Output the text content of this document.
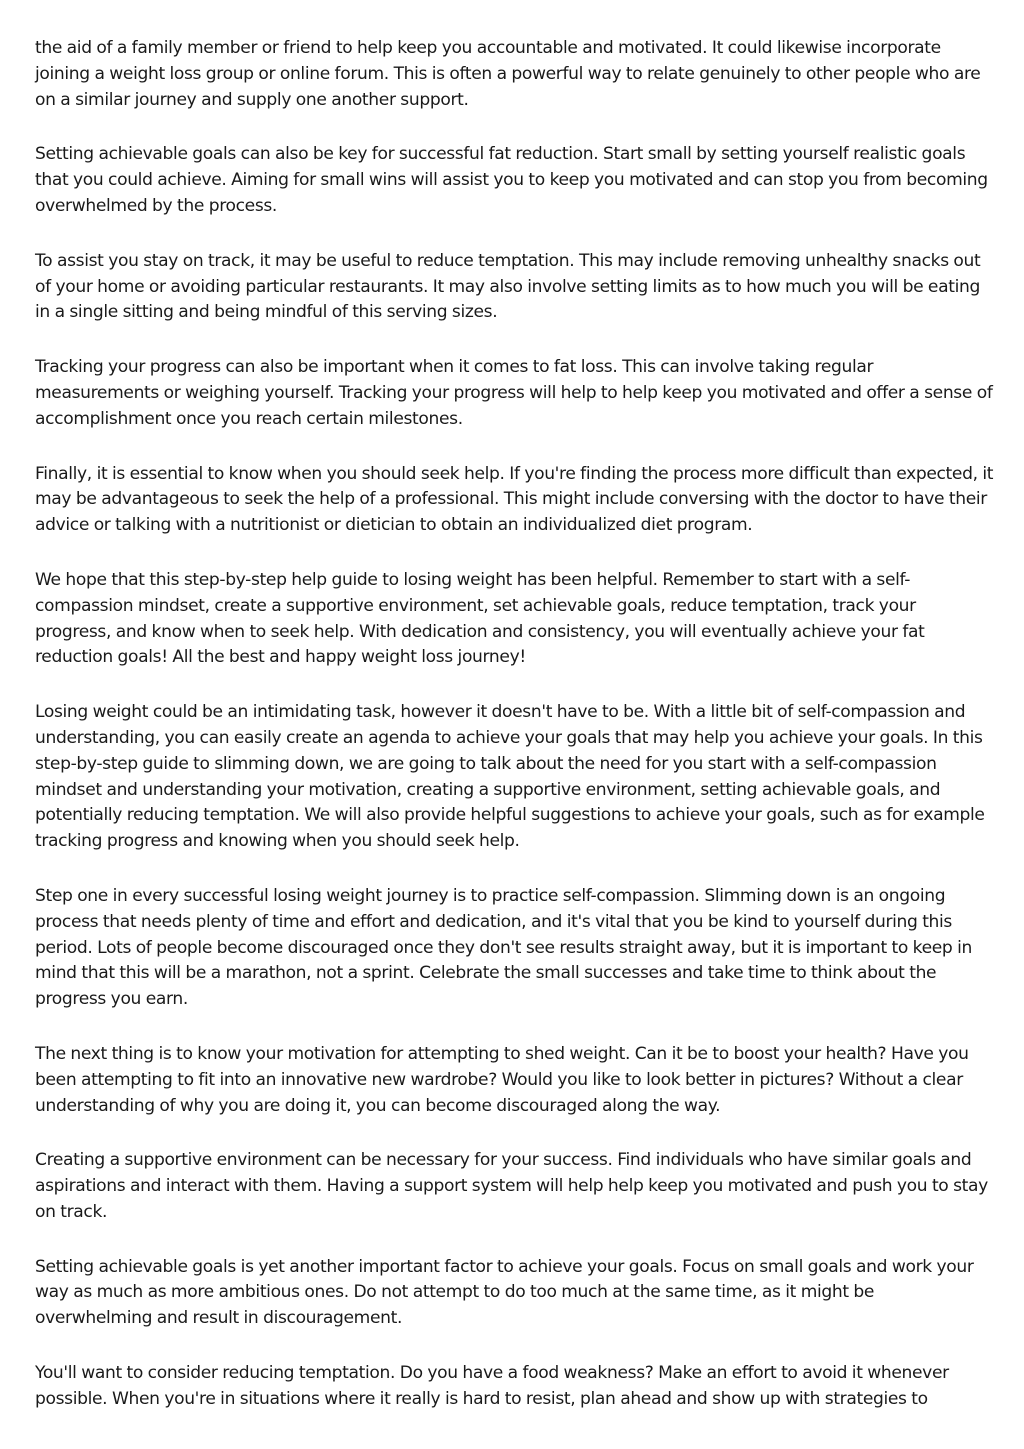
the aid of a family member or friend to help keep you accountable and motivated. It could likewise incorporate joining a weight loss group or online forum. This is often a powerful way to relate genuinely to other people who are on a similar journey and supply one another support.

Setting achievable goals can also be key for successful fat reduction. Start small by setting yourself realistic goals that you could achieve. Aiming for small wins will assist you to keep you motivated and can stop you from becoming overwhelmed by the process.

To assist you stay on track, it may be useful to reduce temptation. This may include removing unhealthy snacks out of your home or avoiding particular restaurants. It may also involve setting limits as to how much you will be eating in a single sitting and being mindful of this serving sizes.

Tracking your progress can also be important when it comes to fat loss. This can involve taking regular measurements or weighing yourself. Tracking your progress will help to help keep you motivated and offer a sense of accomplishment once you reach certain milestones.

Finally, it is essential to know when you should seek help. If you're finding the process more difficult than expected, it may be advantageous to seek the help of a professional. This might include conversing with the doctor to have their advice or talking with a nutritionist or dietician to obtain an individualized diet program.

We hope that this step-by-step help guide to losing weight has been helpful. Remember to start with a self-compassion mindset, create a supportive environment, set achievable goals, reduce temptation, track your progress, and know when to seek help. With dedication and consistency, you will eventually achieve your fat reduction goals! All the best and happy weight loss journey!

Losing weight could be an intimidating task, however it doesn't have to be. With a little bit of self-compassion and understanding, you can easily create an agenda to achieve your goals that may help you achieve your goals. In this step-by-step guide to slimming down, we are going to talk about the need for you start with a self-compassion mindset and understanding your motivation, creating a supportive environment, setting achievable goals, and potentially reducing temptation. We will also provide helpful suggestions to achieve your goals, such as for example tracking progress and knowing when you should seek help.

Step one in every successful losing weight journey is to practice self-compassion. Slimming down is an ongoing process that needs plenty of time and effort and dedication, and it's vital that you be kind to yourself during this period. Lots of people become discouraged once they don't see results straight away, but it is important to keep in mind that this will be a marathon, not a sprint. Celebrate the small successes and take time to think about the progress you earn.

The next thing is to know your motivation for attempting to shed weight. Can it be to boost your health? Have you been attempting to fit into an innovative new wardrobe? Would you like to look better in pictures? Without a clear understanding of why you are doing it, you can become discouraged along the way.

Creating a supportive environment can be necessary for your success. Find individuals who have similar goals and aspirations and interact with them. Having a support system will help help keep you motivated and push you to stay on track.

Setting achievable goals is yet another important factor to achieve your goals. Focus on small goals and work your way as much as more ambitious ones. Do not attempt to do too much at the same time, as it might be overwhelming and result in discouragement.

You'll want to consider reducing temptation. Do you have a food weakness? Make an effort to avoid it whenever possible. When you're in situations where it really is hard to resist, plan ahead and show up with strategies to
